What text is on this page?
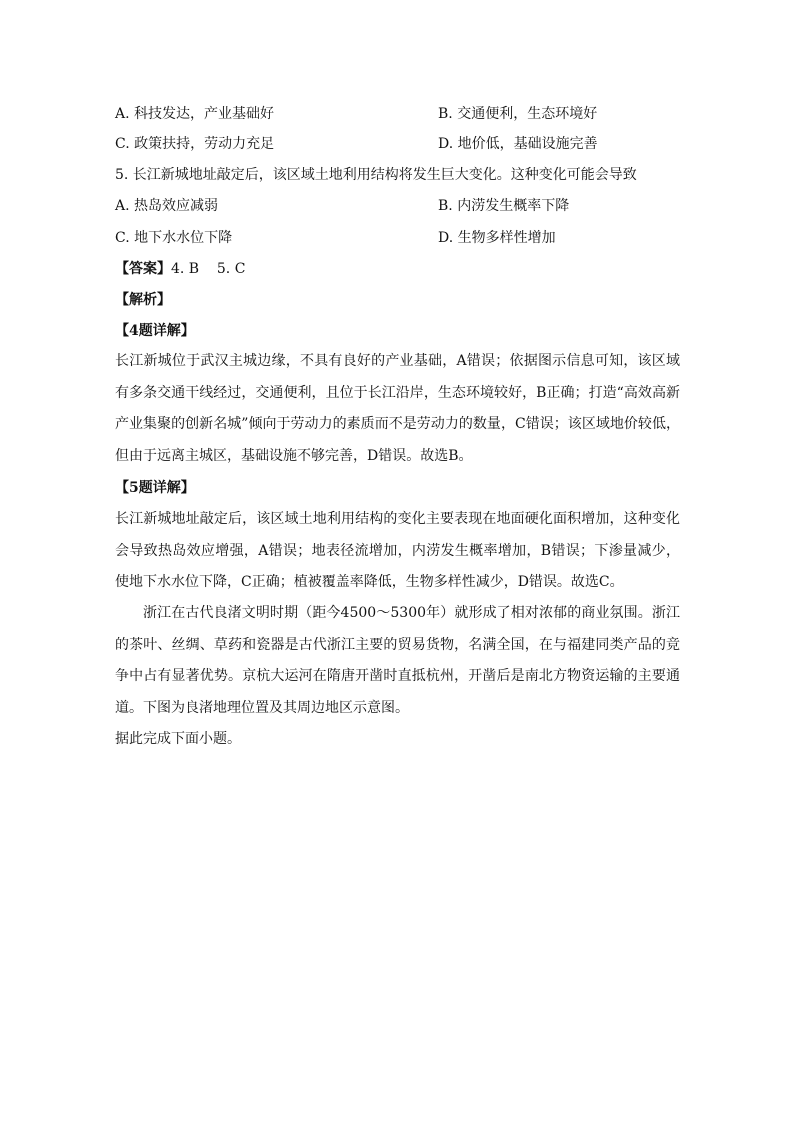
A. 科技发达，产业基础好	B. 交通便利，生态环境好
C. 政策扶持，劳动力充足	D. 地价低，基础设施完善
5. 长江新城地址敲定后，该区域土地利用结构将发生巨大变化。这种变化可能会导致
A. 热岛效应减弱	B. 内涝发生概率下降
C. 地下水水位下降	D. 生物多样性增加
【答案】4. B    5. C
【解析】
【4题详解】
长江新城位于武汉主城边缘，不具有良好的产业基础，A错误；依据图示信息可知，该区域有多条交通干线经过，交通便利，且位于长江沿岸，生态环境较好，B正确；打造“高效高新产业集聚的创新名城”倾向于劳动力的素质而不是劳动力的数量，C错误；该区域地价较低，但由于远离主城区，基础设施不够完善，D错误。故选B。
【5题详解】
长江新城地址敲定后，该区域土地利用结构的变化主要表现在地面硬化面积增加，这种变化会导致热岛效应增强，A错误；地表径流增加，内涝发生概率增加，B错误；下渗量减少，使地下水水位下降，C正确；植被覆盖率降低，生物多样性减少，D错误。故选C。
浙江在古代良渚文明时期（距今4500～5300年）就形成了相对浓郁的商业氛围。浙江的茶叶、丝绸、草药和瓷器是古代浙江主要的贸易货物，名满全国，在与福建同类产品的竞争中占有显著优势。京杭大运河在隋唐开凿时直抵杭州，开凿后是南北方物资运输的主要通道。下图为良渚地理位置及其周边地区示意图。
据此完成下面小题。
